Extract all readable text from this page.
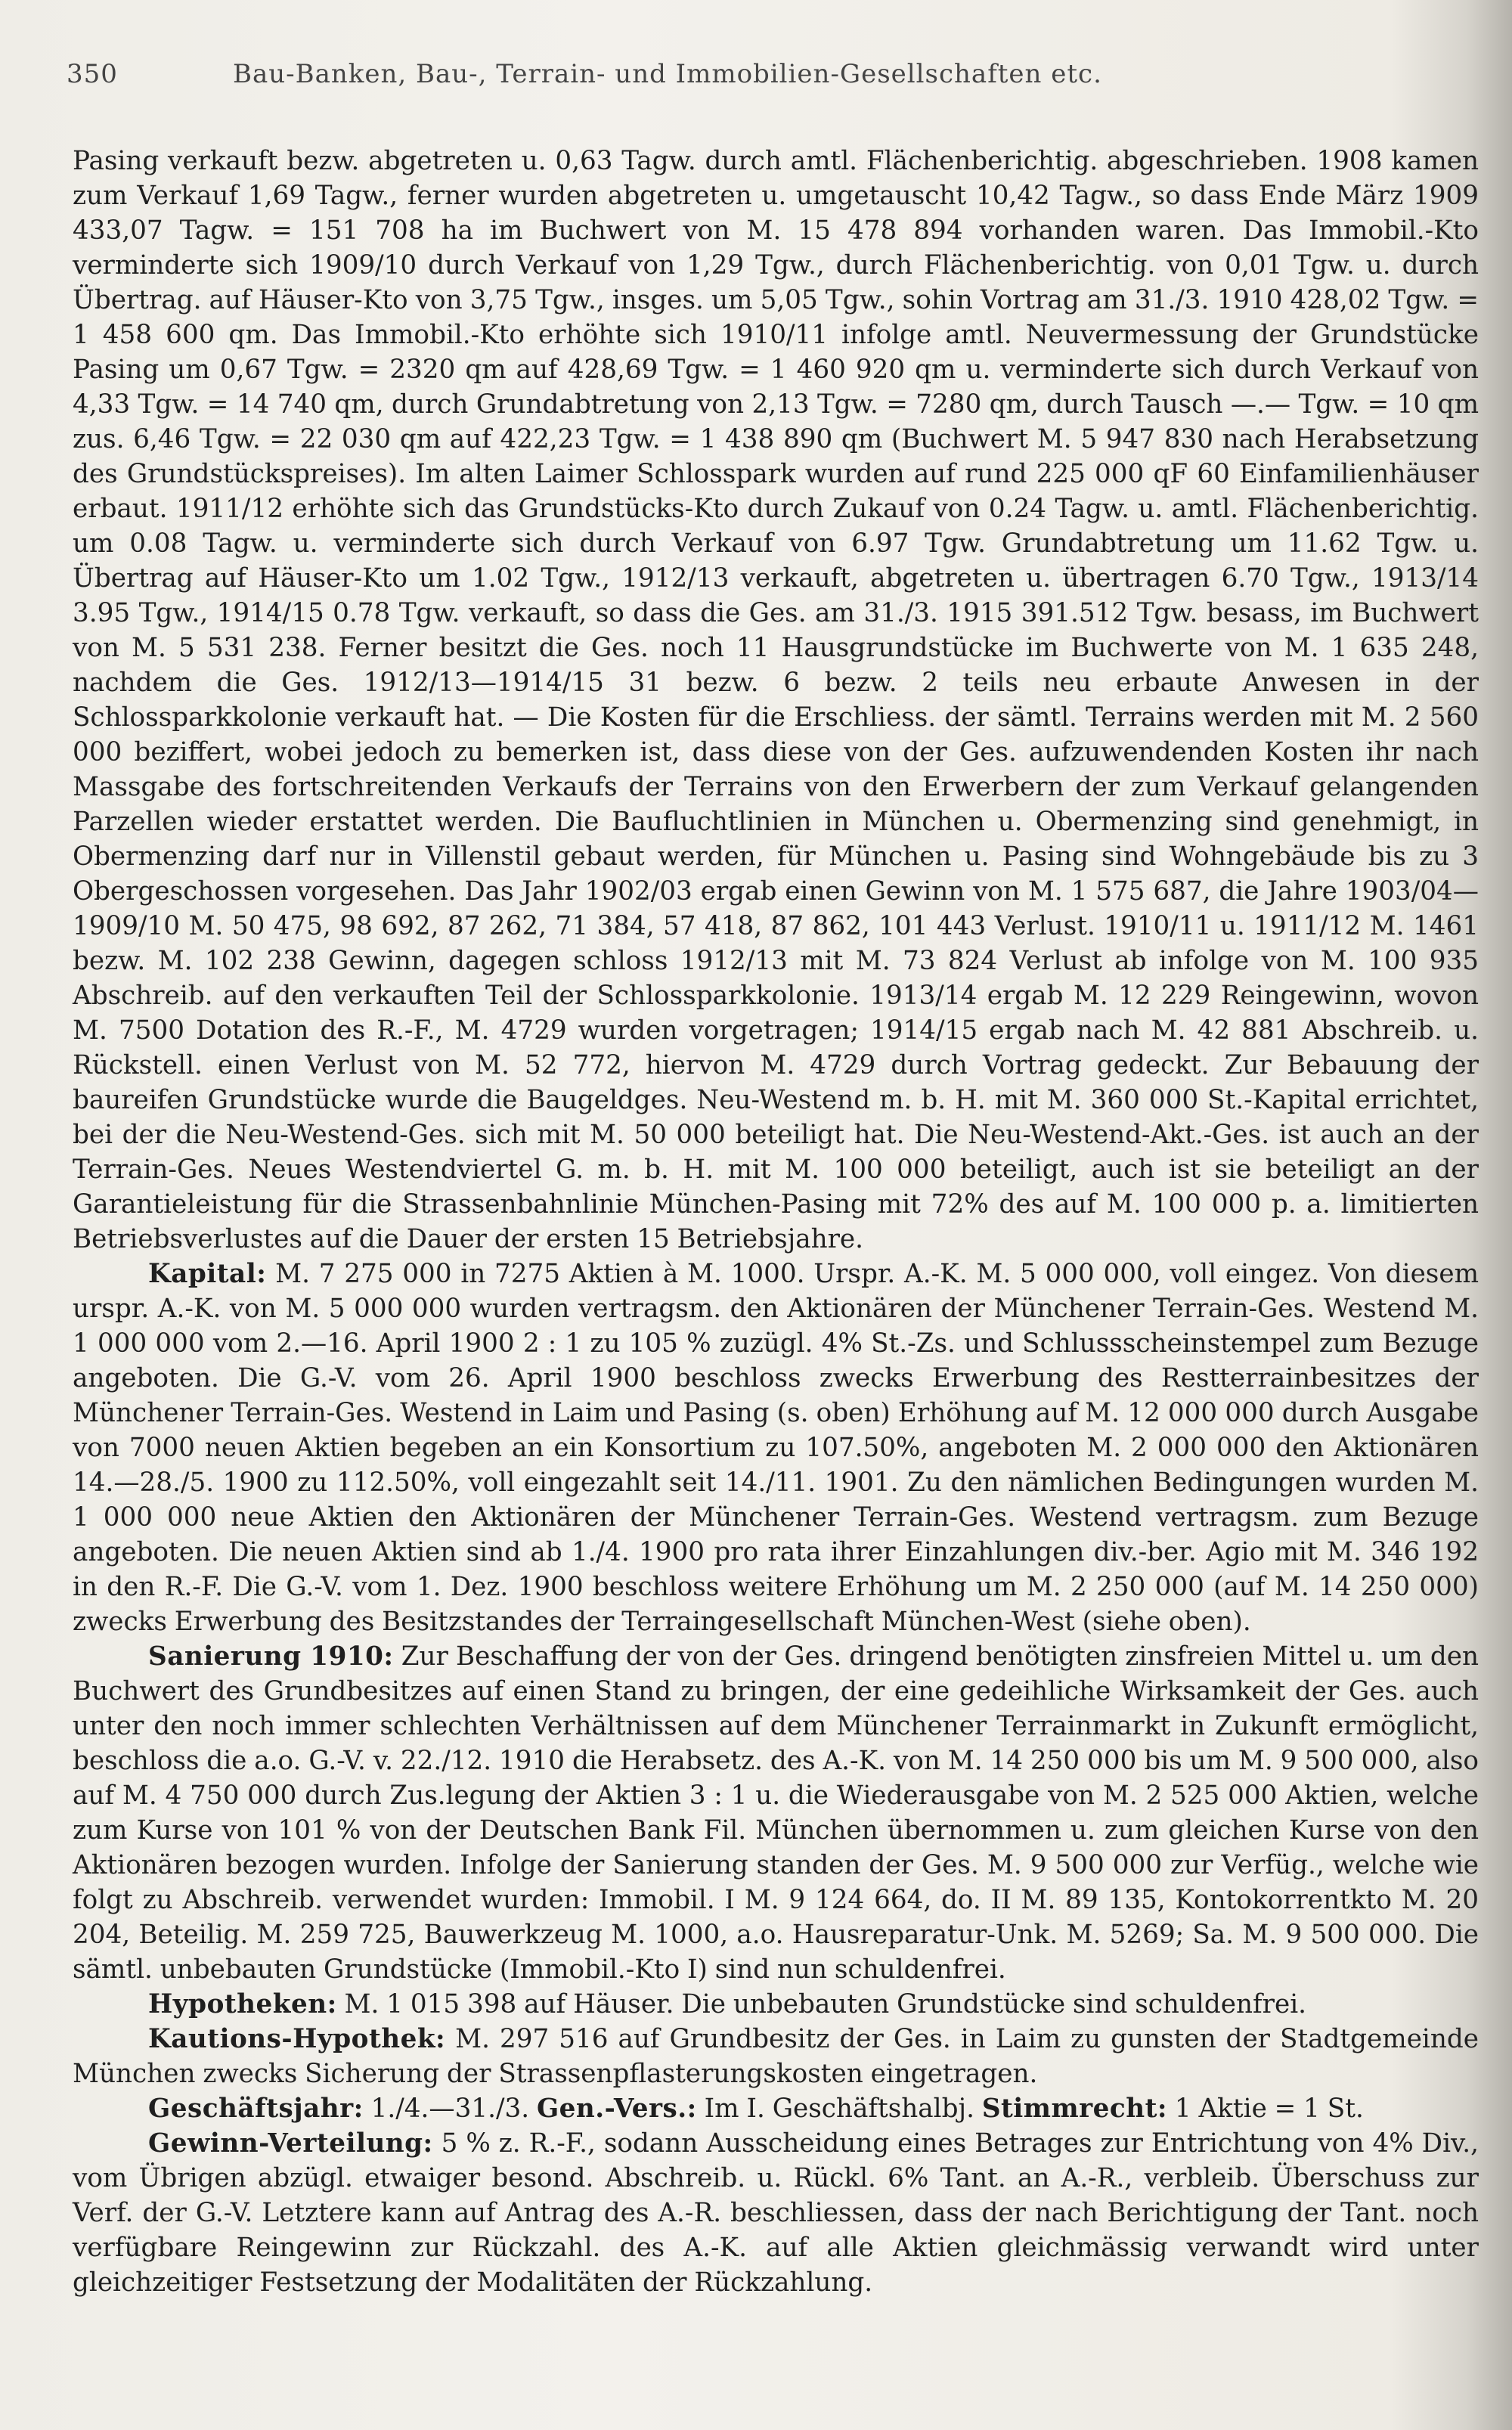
350	Bau-Banken, Bau-, Terrain- und Immobilien-Gesellschaften etc.

Pasing verkauft bezw. abgetreten u. 0,63 Tagw. durch amtl. Flächenberichtig. abgeschrieben. 1908 kamen zum Verkauf 1,69 Tagw., ferner wurden abgetreten u. umgetauscht 10,42 Tagw., so dass Ende März 1909 433,07 Tagw. = 151 708 ha im Buchwert von M. 15 478 894 vorhanden waren. Das Immobil.-Kto verminderte sich 1909/10 durch Verkauf von 1,29 Tgw., durch Flächenberichtig. von 0,01 Tgw. u. durch Übertrag. auf Häuser-Kto von 3,75 Tgw., insges. um 5,05 Tgw., sohin Vortrag am 31./3. 1910 428,02 Tgw. = 1 458 600 qm. Das Immobil.-Kto erhöhte sich 1910/11 infolge amtl. Neuvermessung der Grundstücke Pasing um 0,67 Tgw. = 2320 qm auf 428,69 Tgw. = 1 460 920 qm u. verminderte sich durch Verkauf von 4,33 Tgw. = 14 740 qm, durch Grundabtretung von 2,13 Tgw. = 7280 qm, durch Tausch —.— Tgw. = 10 qm zus. 6,46 Tgw. = 22 030 qm auf 422,23 Tgw. = 1 438 890 qm (Buchwert M. 5 947 830 nach Herabsetzung des Grundstückspreises). Im alten Laimer Schlosspark wurden auf rund 225 000 qF 60 Einfamilienhäuser erbaut. 1911/12 erhöhte sich das Grundstücks-Kto durch Zukauf von 0.24 Tagw. u. amtl. Flächenberichtig. um 0.08 Tagw. u. verminderte sich durch Verkauf von 6.97 Tgw. Grundabtretung um 11.62 Tgw. u. Übertrag auf Häuser-Kto um 1.02 Tgw., 1912/13 verkauft, abgetreten u. übertragen 6.70 Tgw., 1913/14 3.95 Tgw., 1914/15 0.78 Tgw. verkauft, so dass die Ges. am 31./3. 1915 391.512 Tgw. besass, im Buchwert von M. 5 531 238. Ferner besitzt die Ges. noch 11 Hausgrundstücke im Buchwerte von M. 1 635 248, nachdem die Ges. 1912/13—1914/15 31 bezw. 6 bezw. 2 teils neu erbaute Anwesen in der Schlossparkkolonie verkauft hat. — Die Kosten für die Erschliess. der sämtl. Terrains werden mit M. 2 560 000 beziffert, wobei jedoch zu bemerken ist, dass diese von der Ges. aufzuwendenden Kosten ihr nach Massgabe des fortschreitenden Verkaufs der Terrains von den Erwerbern der zum Verkauf gelangenden Parzellen wieder erstattet werden. Die Baufluchtlinien in München u. Obermenzing sind genehmigt, in Obermenzing darf nur in Villenstil gebaut werden, für München u. Pasing sind Wohngebäude bis zu 3 Obergeschossen vorgesehen. Das Jahr 1902/03 ergab einen Gewinn von M. 1 575 687, die Jahre 1903/04—1909/10 M. 50 475, 98 692, 87 262, 71 384, 57 418, 87 862, 101 443 Verlust. 1910/11 u. 1911/12 M. 1461 bezw. M. 102 238 Gewinn, dagegen schloss 1912/13 mit M. 73 824 Verlust ab infolge von M. 100 935 Abschreib. auf den verkauften Teil der Schlossparkkolonie. 1913/14 ergab M. 12 229 Reingewinn, wovon M. 7500 Dotation des R.-F., M. 4729 wurden vorgetragen; 1914/15 ergab nach M. 42 881 Abschreib. u. Rückstell. einen Verlust von M. 52 772, hiervon M. 4729 durch Vortrag gedeckt. Zur Bebauung der baureifen Grundstücke wurde die Baugeldges. Neu-Westend m. b. H. mit M. 360 000 St.-Kapital errichtet, bei der die Neu-Westend-Ges. sich mit M. 50 000 beteiligt hat. Die Neu-Westend-Akt.-Ges. ist auch an der Terrain-Ges. Neues Westendviertel G. m. b. H. mit M. 100 000 beteiligt, auch ist sie beteiligt an der Garantieleistung für die Strassenbahnlinie München-Pasing mit 72% des auf M. 100 000 p. a. limitierten Betriebsverlustes auf die Dauer der ersten 15 Betriebsjahre.

Kapital: M. 7 275 000 in 7275 Aktien à M. 1000. Urspr. A.-K. M. 5 000 000, voll eingez. Von diesem urspr. A.-K. von M. 5 000 000 wurden vertragsm. den Aktionären der Münchener Terrain-Ges. Westend M. 1 000 000 vom 2.—16. April 1900 2 : 1 zu 105 % zuzügl. 4% St.-Zs. und Schlussscheinstempel zum Bezuge angeboten. Die G.-V. vom 26. April 1900 beschloss zwecks Erwerbung des Restterrainbesitzes der Münchener Terrain-Ges. Westend in Laim und Pasing (s. oben) Erhöhung auf M. 12 000 000 durch Ausgabe von 7000 neuen Aktien begeben an ein Konsortium zu 107.50%, angeboten M. 2 000 000 den Aktionären 14.—28./5. 1900 zu 112.50%, voll eingezahlt seit 14./11. 1901. Zu den nämlichen Bedingungen wurden M. 1 000 000 neue Aktien den Aktionären der Münchener Terrain-Ges. Westend vertragsm. zum Bezuge angeboten. Die neuen Aktien sind ab 1./4. 1900 pro rata ihrer Einzahlungen div.-ber. Agio mit M. 346 192 in den R.-F. Die G.-V. vom 1. Dez. 1900 beschloss weitere Erhöhung um M. 2 250 000 (auf M. 14 250 000) zwecks Erwerbung des Besitzstandes der Terraingesellschaft München-West (siehe oben).

Sanierung 1910: Zur Beschaffung der von der Ges. dringend benötigten zinsfreien Mittel u. um den Buchwert des Grundbesitzes auf einen Stand zu bringen, der eine gedeihliche Wirksamkeit der Ges. auch unter den noch immer schlechten Verhältnissen auf dem Münchener Terrainmarkt in Zukunft ermöglicht, beschloss die a.o. G.-V. v. 22./12. 1910 die Herabsetz. des A.-K. von M. 14 250 000 bis um M. 9 500 000, also auf M. 4 750 000 durch Zus.legung der Aktien 3 : 1 u. die Wiederausgabe von M. 2 525 000 Aktien, welche zum Kurse von 101 % von der Deutschen Bank Fil. München übernommen u. zum gleichen Kurse von den Aktionären bezogen wurden. Infolge der Sanierung standen der Ges. M. 9 500 000 zur Verfüg., welche wie folgt zu Abschreib. verwendet wurden: Immobil. I M. 9 124 664, do. II M. 89 135, Kontokorrentkto M. 20 204, Beteilig. M. 259 725, Bauwerkzeug M. 1000, a.o. Hausreparatur-Unk. M. 5269; Sa. M. 9 500 000. Die sämtl. unbebauten Grundstücke (Immobil.-Kto I) sind nun schuldenfrei.

Hypotheken: M. 1 015 398 auf Häuser. Die unbebauten Grundstücke sind schuldenfrei.

Kautions-Hypothek: M. 297 516 auf Grundbesitz der Ges. in Laim zu gunsten der Stadtgemeinde München zwecks Sicherung der Strassenpflasterungskosten eingetragen.

Geschäftsjahr: 1./4.—31./3. Gen.-Vers.: Im I. Geschäftshalbj. Stimmrecht: 1 Aktie = 1 St.

Gewinn-Verteilung: 5 % z. R.-F., sodann Ausscheidung eines Betrages zur Entrichtung von 4% Div., vom Übrigen abzügl. etwaiger besond. Abschreib. u. Rückl. 6% Tant. an A.-R., verbleib. Überschuss zur Verf. der G.-V. Letztere kann auf Antrag des A.-R. beschliessen, dass der nach Berichtigung der Tant. noch verfügbare Reingewinn zur Rückzahl. des A.-K. auf alle Aktien gleichmässig verwandt wird unter gleichzeitiger Festsetzung der Modalitäten der Rückzahlung.
